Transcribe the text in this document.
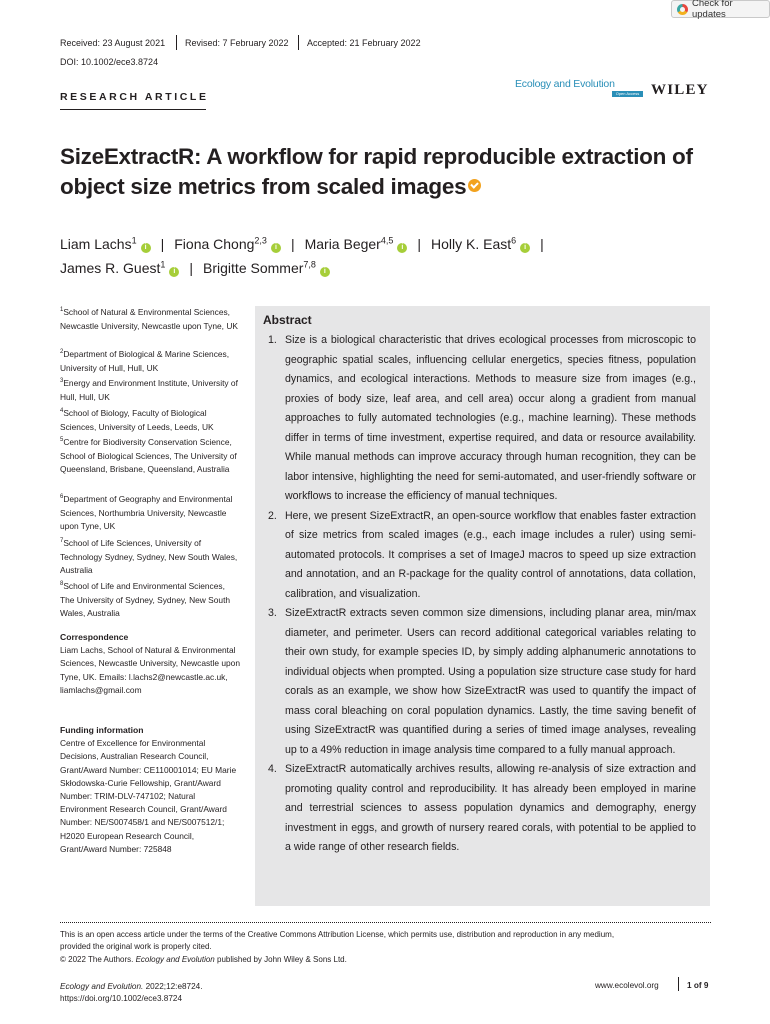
Check for updates
Received: 23 August 2021 Revised: 7 February 2022 Accepted: 21 February 2022
DOI: 10.1002/ece3.8724
RESEARCH ARTICLE
Ecology and Evolution
Open Access WILEY
SizeExtractR: A workflow for rapid reproducible extraction of
object size metrics from scaled images
Liam Lachs$^1$i | Fiona Chong$^{2,3}$i | Maria Beger$^{4,5}$i | Holly K. East$^6$i |
James R. Guest$^1$i | Brigitte Sommer$^{7,8}$i
$^1$School of Natural & Environmental Sciences, Newcastle University, Newcastle upon Tyne, UK
$^2$Department of Biological & Marine Sciences, University of Hull, Hull, UK
$^3$Energy and Environment Institute, University of Hull, Hull, UK
$^4$School of Biology, Faculty of Biological Sciences, University of Leeds, Leeds, UK
$^5$Centre for Biodiversity Conservation Science, School of Biological Sciences, The University of Queensland, Brisbane, Queensland, Australia
$^6$Department of Geography and Environmental Sciences, Northumbria University, Newcastle upon Tyne, UK
$^7$School of Life Sciences, University of Technology Sydney, Sydney, New South Wales, Australia
$^8$School of Life and Environmental Sciences, The University of Sydney, Sydney, New South Wales, Australia
Correspondence
Liam Lachs, School of Natural & Environmental Sciences, Newcastle University, Newcastle upon Tyne, UK. Emails: l.lachs2@newcastle.ac.uk, liamlachs@gmail.com
Funding information
Centre of Excellence for Environmental Decisions, Australian Research Council, Grant/Award Number: CE110001014; EU Marie Skłodowska-Curie Fellowship, Grant/Award Number: TRIM-DLV-747102; Natural Environment Research Council, Grant/Award Number: NE/S007458/1 and NE/S007512/1; H2020 European Research Council, Grant/Award Number: 725848
Abstract
1. Size is a biological characteristic that drives ecological processes from microscopic to geographic spatial scales, influencing cellular energetics, species fitness, population dynamics, and ecological interactions. Methods to measure size from images (e.g., proxies of body size, leaf area, and cell area) occur along a gradient from manual approaches to fully automated technologies (e.g., machine learning). These methods differ in terms of time investment, expertise required, and data or resource availability. While manual methods can improve accuracy through human recognition, they can be labor intensive, highlighting the need for semi-automated, and user-friendly software or workflows to increase the efficiency of manual techniques.
2. Here, we present SizeExtractR, an open-source workflow that enables faster extraction of size metrics from scaled images (e.g., each image includes a ruler) using semi-automated protocols. It comprises a set of ImageJ macros to speed up size extraction and annotation, and an R-package for the quality control of annotations, data collation, calibration, and visualization.
3. SizeExtractR extracts seven common size dimensions, including planar area, min/max diameter, and perimeter. Users can record additional categorical variables relating to their own study, for example species ID, by simply adding alphanumeric annotations to individual objects when prompted. Using a population size structure case study for hard corals as an example, we show how SizeExtractR was used to quantify the impact of mass coral bleaching on coral population dynamics. Lastly, the time saving benefit of using SizeExtractR was quantified during a series of timed image analyses, revealing up to a 49% reduction in image analysis time compared to a fully manual approach.
4. SizeExtractR automatically archives results, allowing re-analysis of size extraction and promoting quality control and reproducibility. It has already been employed in marine and terrestrial sciences to assess population dynamics and demography, energy investment in eggs, and growth of nursery reared corals, with potential to be applied to a wide range of other research fields.
This is an open access article under the terms of the Creative Commons Attribution License, which permits use, distribution and reproduction in any medium,
provided the original work is properly cited.
© 2022 The Authors. Ecology and Evolution published by John Wiley & Sons Ltd.
Ecology and Evolution. 2022;12:e8724.
https://doi.org/10.1002/ece3.8724
www.ecolevol.org	1 of 9
